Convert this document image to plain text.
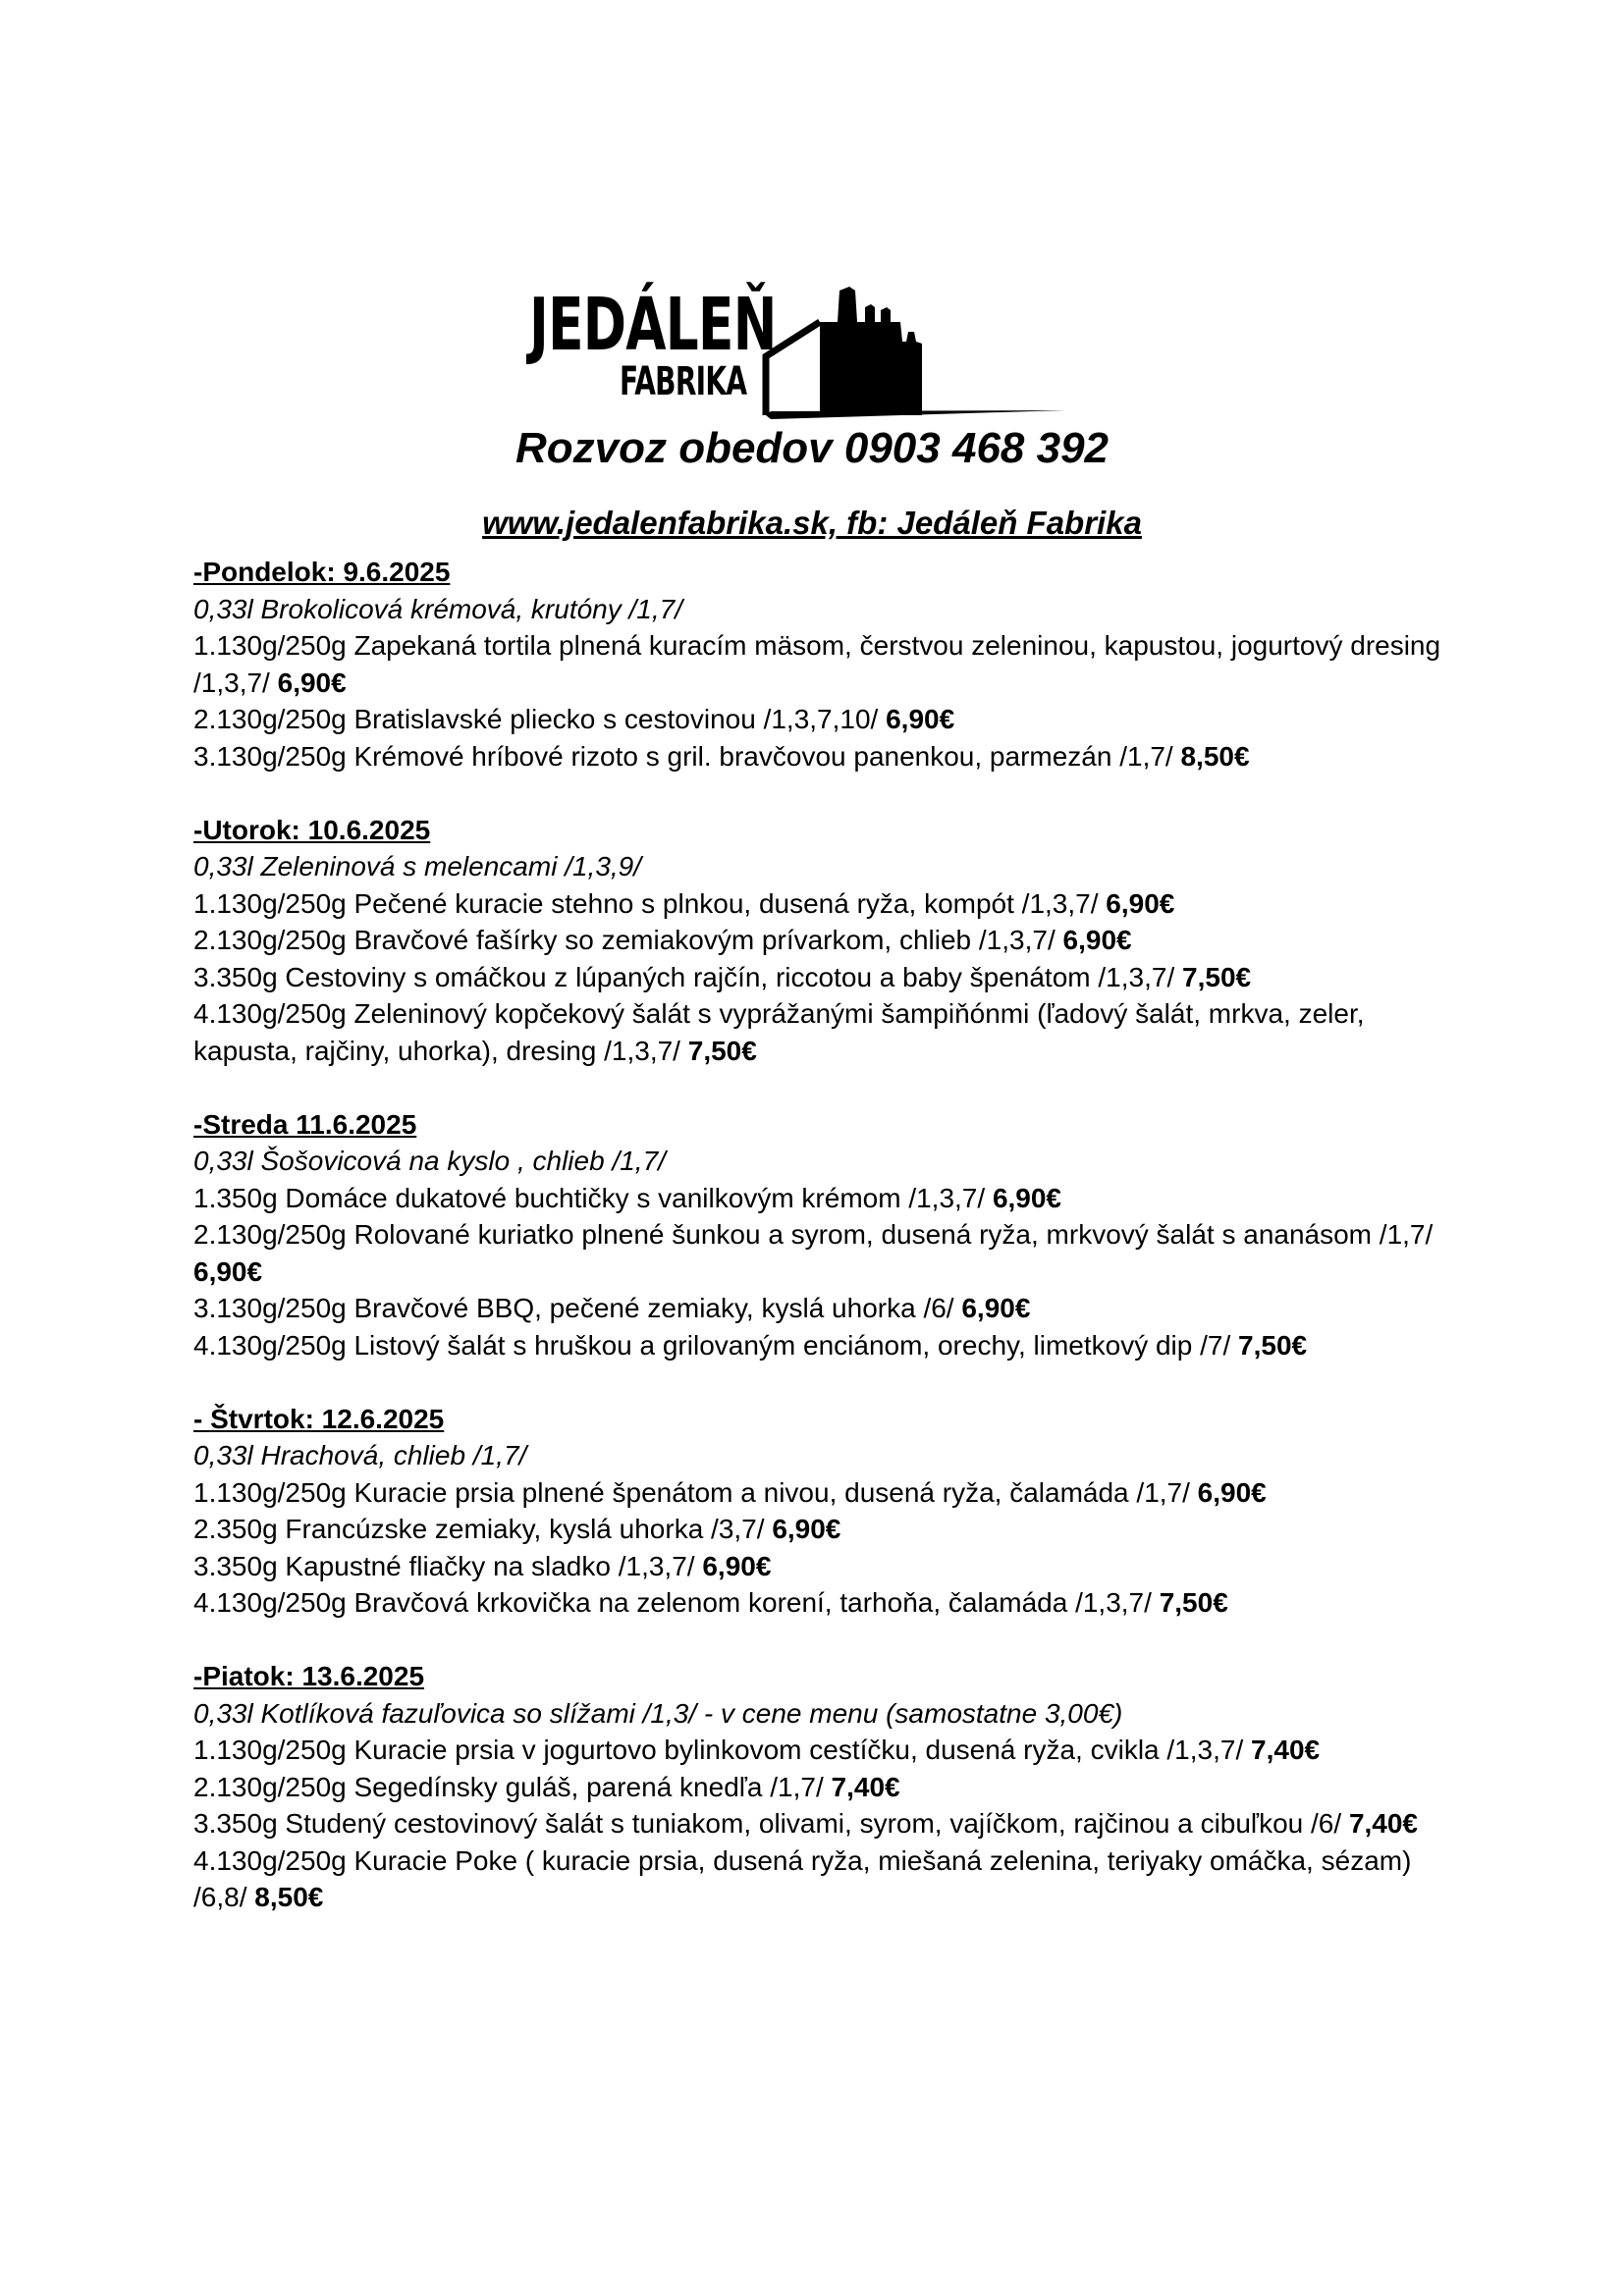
JEDÁLEŇ
FABRIKA
Rozvoz obedov 0903 468 392
www.jedalenfabrika.sk, fb: Jedáleň Fabrika
-Pondelok: 9.6.2025
0,33l Brokolicová krémová, krutóny /1,7/
1.130g/250g Zapekaná tortila plnená kuracím mäsom, čerstvou zeleninou, kapustou, jogurtový dresing /1,3,7/ 6,90€
2.130g/250g Bratislavské pliecko s cestovinou /1,3,7,10/ 6,90€
3.130g/250g Krémové hríbové rizoto s gril. bravčovou panenkou, parmezán /1,7/ 8,50€
-Utorok: 10.6.2025
0,33l Zeleninová s melencami /1,3,9/
1.130g/250g Pečené kuracie stehno s plnkou, dusená ryža, kompót /1,3,7/ 6,90€
2.130g/250g Bravčové fašírky so zemiakovým prívarkom, chlieb /1,3,7/ 6,90€
3.350g Cestoviny s omáčkou z lúpaných rajčín, riccotou a baby špenátom /1,3,7/ 7,50€
4.130g/250g Zeleninový kopčekový šalát s vyprážanými šampiňónmi (ľadový šalát, mrkva, zeler, kapusta, rajčiny, uhorka), dresing /1,3,7/ 7,50€
-Streda 11.6.2025
0,33l Šošovicová na kyslo , chlieb /1,7/
1.350g Domáce dukatové buchtičky s vanilkovým krémom /1,3,7/ 6,90€
2.130g/250g Rolované kuriatko plnené šunkou a syrom, dusená ryža, mrkvový šalát s ananásom /1,7/ 6,90€
3.130g/250g Bravčové BBQ, pečené zemiaky, kyslá uhorka /6/ 6,90€
4.130g/250g Listový šalát s hruškou a grilovaným enciánom, orechy, limetkový dip /7/ 7,50€
- Štvrtok: 12.6.2025
0,33l Hrachová, chlieb /1,7/
1.130g/250g Kuracie prsia plnené špenátom a nivou, dusená ryža, čalamáda /1,7/ 6,90€
2.350g Francúzske zemiaky, kyslá uhorka /3,7/ 6,90€
3.350g Kapustné fliačky na sladko /1,3,7/ 6,90€
4.130g/250g Bravčová krkovička na zelenom korení, tarhoňa, čalamáda /1,3,7/ 7,50€
-Piatok: 13.6.2025
0,33l Kotlíková fazuľovica so slížami /1,3/ - v cene menu (samostatne 3,00€)
1.130g/250g Kuracie prsia v jogurtovo bylinkovom cestíčku, dusená ryža, cvikla /1,3,7/ 7,40€
2.130g/250g Segedínsky guláš, parená knedľa /1,7/ 7,40€
3.350g Studený cestovinový šalát s tuniakom, olivami, syrom, vajíčkom, rajčinou a cibuľkou /6/ 7,40€
4.130g/250g Kuracie Poke ( kuracie prsia, dusená ryža, miešaná zelenina, teriyaky omáčka, sézam) /6,8/ 8,50€
